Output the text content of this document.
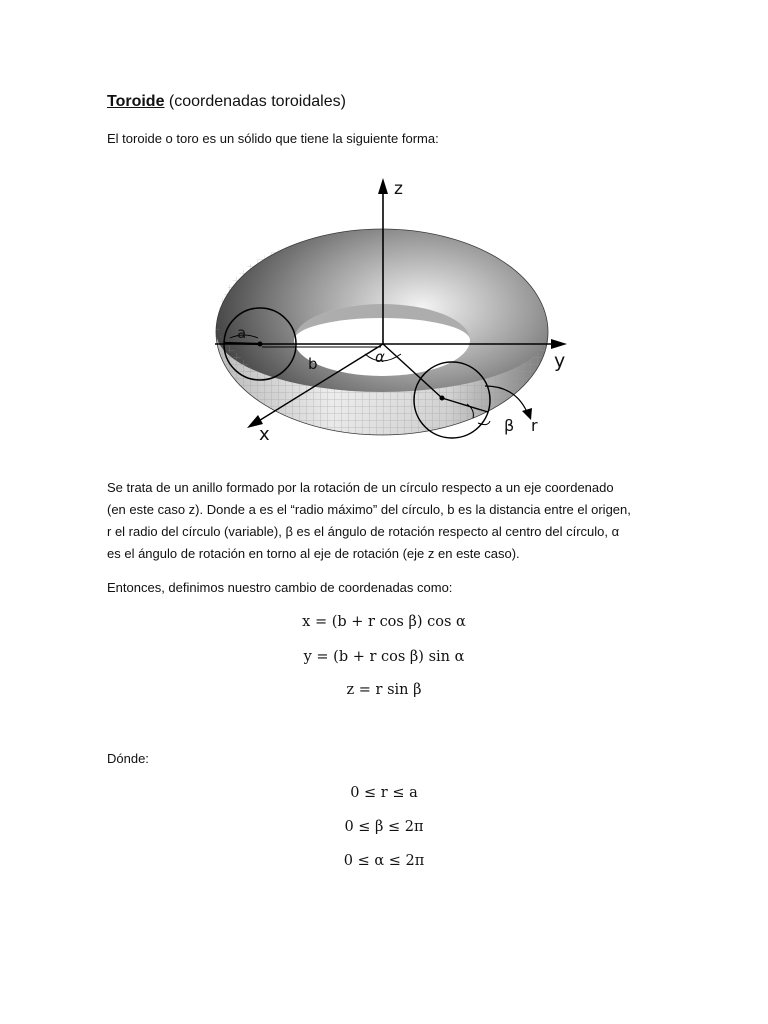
Toroide (coordenadas toroidales)
El toroide o toro es un sólido que tiene la siguiente forma:
z
y
x
a
b	α
β r
Se trata de un anillo formado por la rotación de un círculo respecto a un eje coordenado
(en este caso z). Donde a es el “radio máximo” del círculo, b es la distancia entre el origen,
r el radio del círculo (variable), β es el ángulo de rotación respecto al centro del círculo, α
es el ángulo de rotación en torno al eje de rotación (eje z en este caso).
Entonces, definimos nuestro cambio de coordenadas como:
x = (b + r cos β) cos α
y = (b + r cos β) sin α
z = r sin β
Dónde:
0 ≤ r ≤ a
0 ≤ β ≤ 2π
0 ≤ α ≤ 2π
